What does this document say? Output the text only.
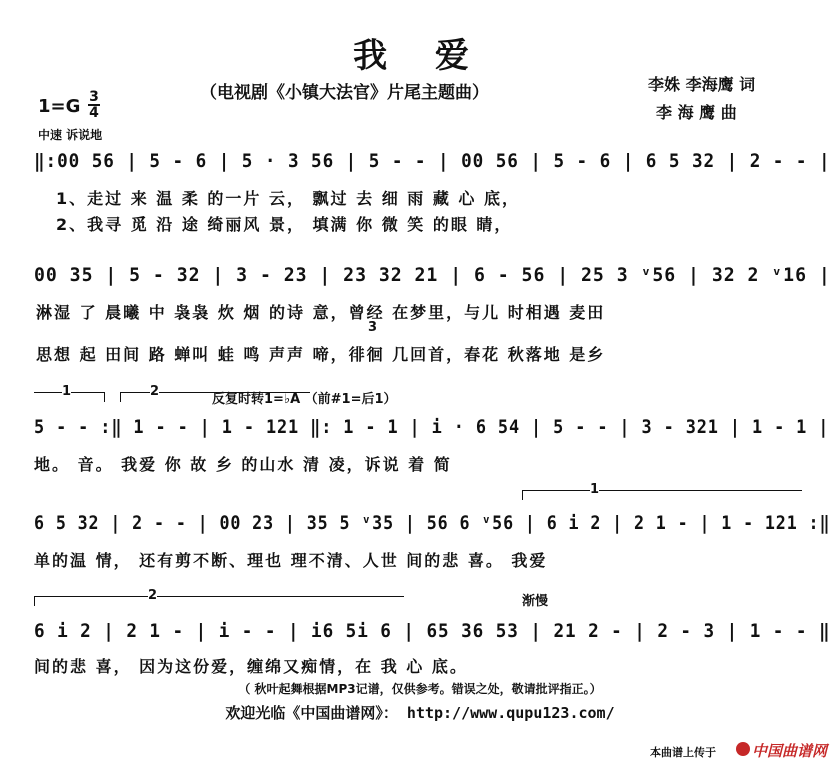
我 爱
（电视剧《小镇大法官》片尾主题曲）	李姝 李海鹰 词
李 海 鹰 曲
1=G 3
4
中速 诉说地
‖:00 56 | 5 - 6 | 5 · 3 56 | 5 - - | 00 56 | 5 - 6 | 6 5 32 | 2 - - |
1、走过 来 温 柔 的一片 云， 飘过 去 细 雨 藏 心 底，
2、我寻 觅 沿 途 绮丽风 景， 填满 你 微 笑 的眼 睛，
00 35 | 5 - 32 | 3 - 23 | 23 32 21 | 6 - 56 | 25 3 ᵛ56 | 32 2 ᵛ16 |
3
淋湿 了 晨曦 中 袅袅 炊 烟 的诗 意，曾经 在梦里，与儿 时相遇 麦田
思想 起 田间 路 蝉叫 蛙 鸣 声声 啼，徘徊 几回首，春花 秋落地 是乡
1	2
反复时转1=♭A （前#1=后1）
5 - - :‖ 1 - - | 1 - 121 ‖: 1 - 1 | i · 6 54 | 5 - - | 3 - 321 | 1 - 1 |
地。 音。 我爱 你 故 乡 的山水 清 凌，诉说 着 简
1
6 5 32 | 2 - - | 00 23 | 35 5 ᵛ35 | 56 6 ᵛ56 | 6 i 2 | 2 1 - | 1 - 121 :‖
单的温 情， 还有剪不断、理也 理不清、人世 间的悲 喜。 我爱
2	渐慢
6 i 2 | 2 1 - | i - - | i6 5i 6 | 65 36 53 | 21 2 - | 2 - 3 | 1 - - ‖
间的悲 喜， 因为这份爱，缠绵又痴情，在 我 心 底。
（ 秋叶起舞根据MP3记谱，仅供参考。错误之处，敬请批评指正。）
欢迎光临《中国曲谱网》： http://www.qupu123.com/
本曲谱上传于 中国曲谱网
